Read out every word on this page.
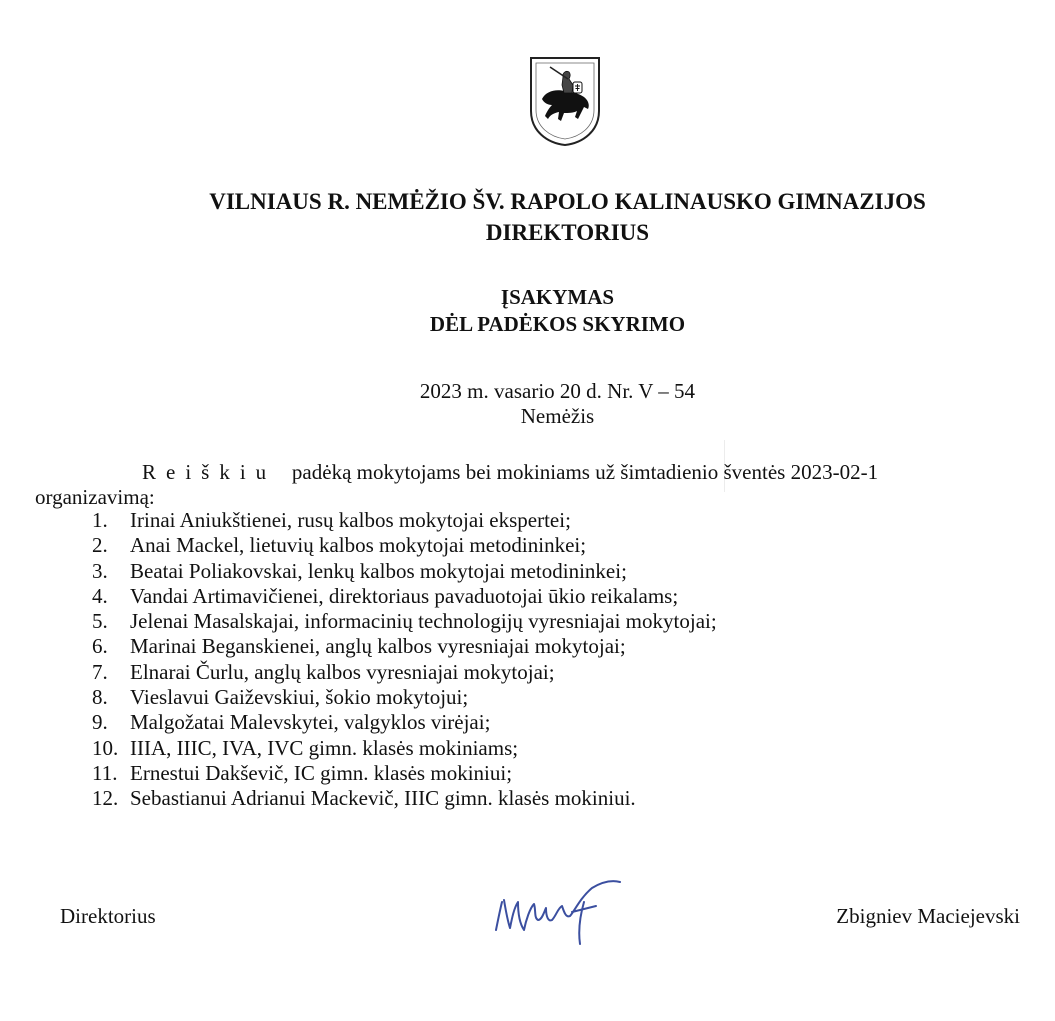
VILNIAUS R. NEMĖŽIO ŠV. RAPOLO KALINAUSKO GIMNAZIJOS
DIREKTORIUS

ĮSAKYMAS
DĖL PADĖKOS SKYRIMO

2023 m. vasario 20 d. Nr. V – 54
Nemėžis
Reiškiu padėką mokytojams bei mokiniams už šimtadienio šventės 2023-02-1
organizavimą:
1. Irinai Aniukštienei, rusų kalbos mokytojai ekspertei;
2. Anai Mackel, lietuvių kalbos mokytojai metodininkei;
3. Beatai Poliakovskai, lenkų kalbos mokytojai metodininkei;
4. Vandai Artimavičienei, direktoriaus pavaduotojai ūkio reikalams;
5. Jelenai Masalskajai, informacinių technologijų vyresniajai mokytojai;
6. Marinai Beganskienei, anglų kalbos vyresniajai mokytojai;
7. Elnarai Čurlu, anglų kalbos vyresniajai mokytojai;
8. Vieslavui Gaiževskiui, šokio mokytojui;
9. Malgožatai Malevskytei, valgyklos virėjai;
10. IIIA, IIIC, IVA, IVC gimn. klasės mokiniams;
11. Ernestui Dakševič, IC gimn. klasės mokiniui;
12. Sebastianui Adrianui Mackevič, IIIC gimn. klasės mokiniui.
Direktorius	Zbigniev Maciejevski
